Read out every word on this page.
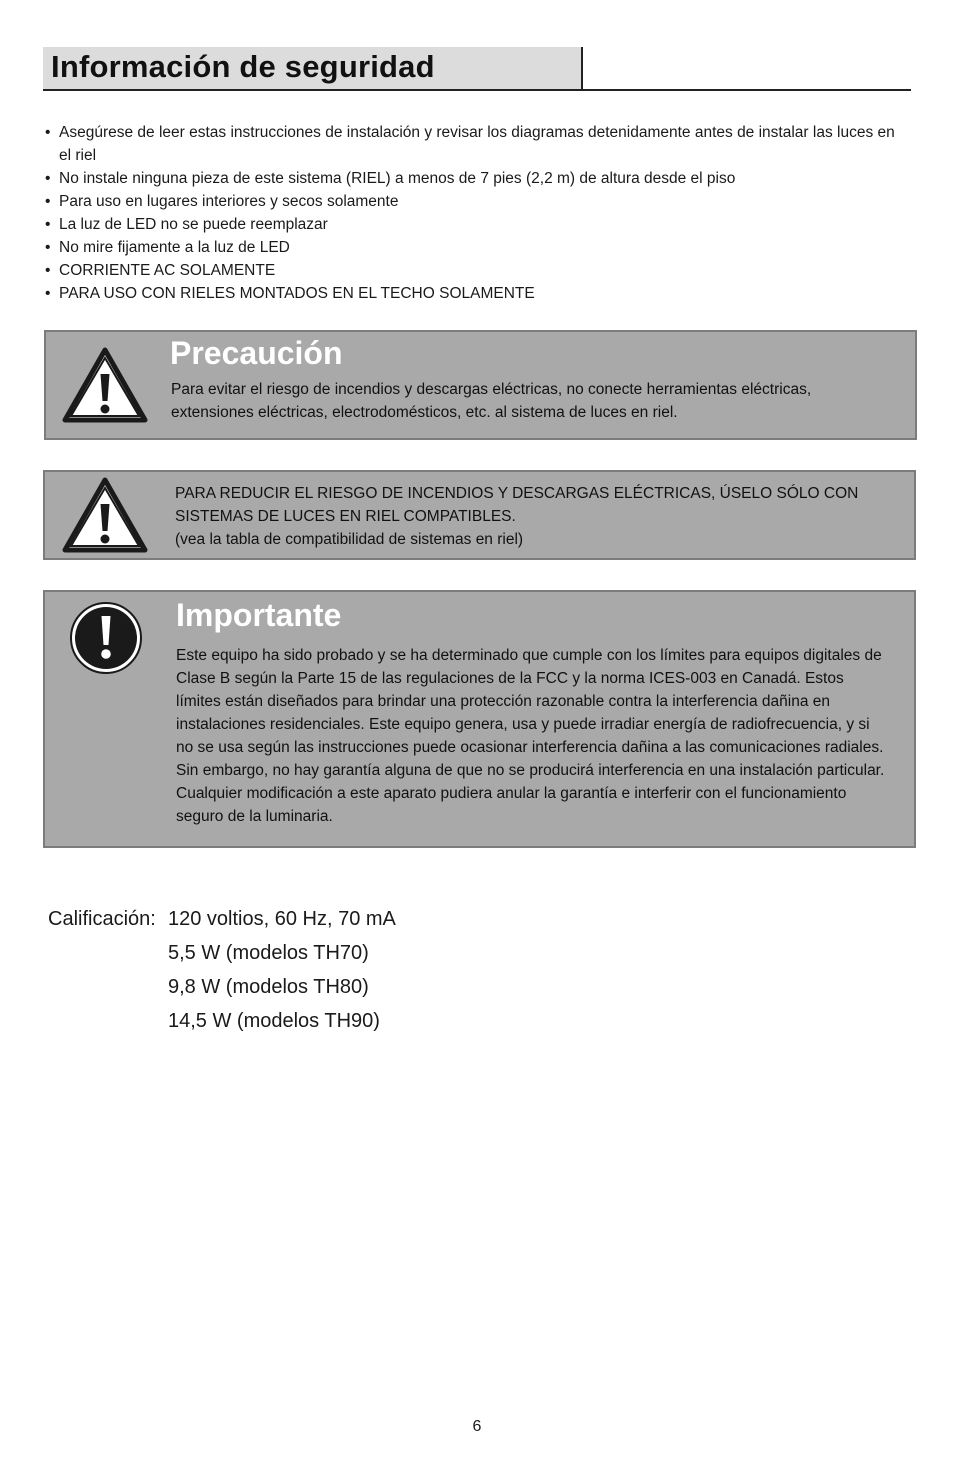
Información de seguridad
• Asegúrese de leer estas instrucciones de instalación y revisar los diagramas detenidamente antes de instalar las luces en el riel
• No instale ninguna pieza de este sistema (RIEL) a menos de 7 pies (2,2 m) de altura desde el piso
• Para uso en lugares interiores y secos solamente
• La luz de LED no se puede reemplazar
• No mire fijamente a la luz de LED
• CORRIENTE AC SOLAMENTE
• PARA USO CON RIELES MONTADOS EN EL TECHO SOLAMENTE
Precaución
Para evitar el riesgo de incendios y descargas eléctricas, no conecte herramientas eléctricas, extensiones eléctricas, electrodomésticos, etc. al sistema de luces en riel.
PARA REDUCIR EL RIESGO DE INCENDIOS Y DESCARGAS ELÉCTRICAS, ÚSELO SÓLO CON
SISTEMAS DE LUCES EN RIEL COMPATIBLES.
(vea la tabla de compatibilidad de sistemas en riel)
Importante
Este equipo ha sido probado y se ha determinado que cumple con los límites para equipos digitales de Clase B según la Parte 15 de las regulaciones de la FCC y la norma ICES-003 en Canadá. Estos límites están diseñados para brindar una protección razonable contra la interferencia dañina en instalaciones residenciales. Este equipo genera, usa y puede irradiar energía de radiofrecuencia, y si no se usa según las instrucciones puede ocasionar interferencia dañina a las comunicaciones radiales. Sin embargo, no hay garantía alguna de que no se producirá interferencia en una instalación particular. Cualquier modificación a este aparato pudiera anular la garantía e interferir con el funcionamiento seguro de la luminaria.
Calificación: 120 voltios, 60 Hz, 70 mA
5,5 W (modelos TH70)
9,8 W (modelos TH80)
14,5 W (modelos TH90)
6
